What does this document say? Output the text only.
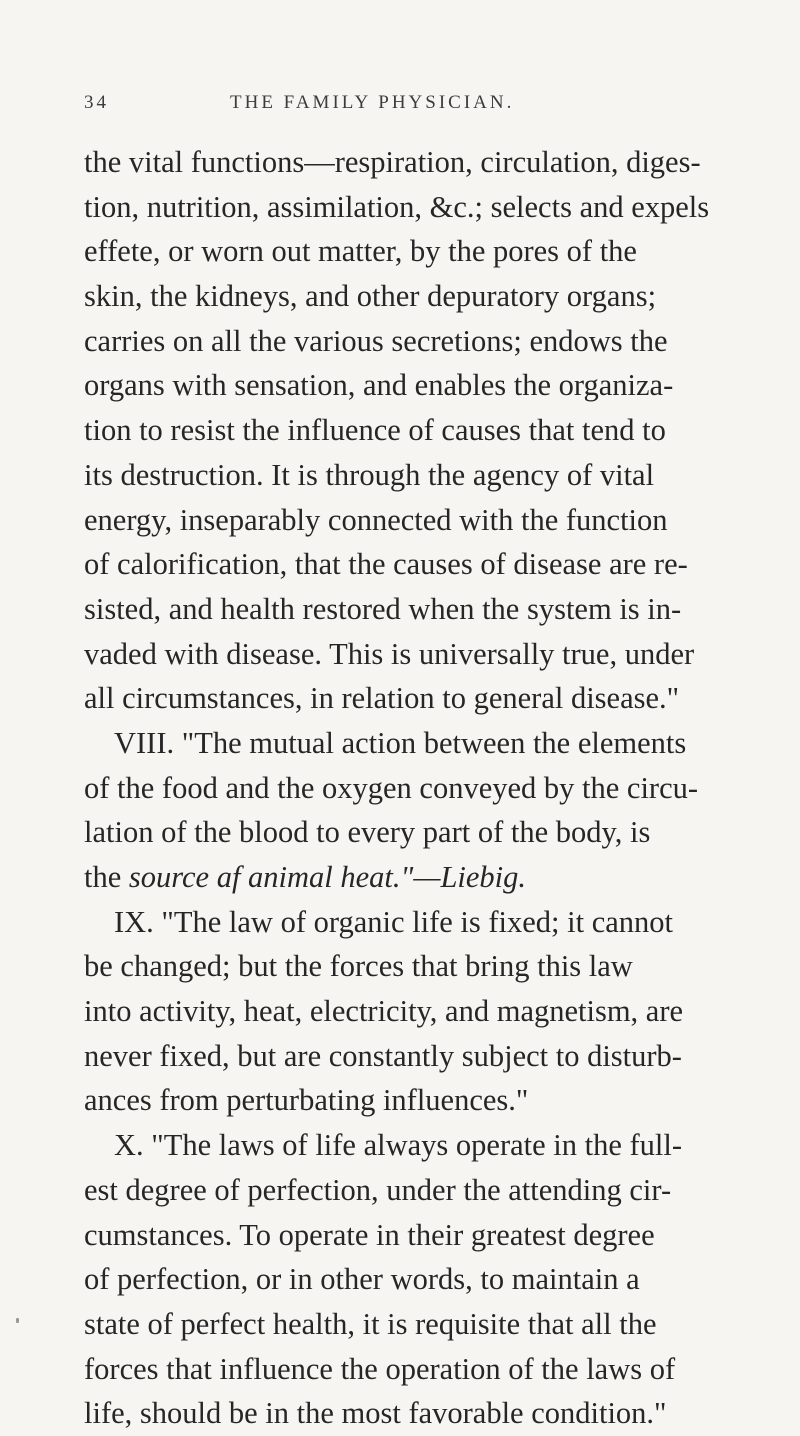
34	THE FAMILY PHYSICIAN.
the vital functions—respiration, circulation, diges-
tion, nutrition, assimilation, &c.; selects and expels
effete, or worn out matter, by the pores of the
skin, the kidneys, and other depuratory organs;
carries on all the various secretions; endows the
organs with sensation, and enables the organiza-
tion to resist the influence of causes that tend to
its destruction. It is through the agency of vital
energy, inseparably connected with the function
of calorification, that the causes of disease are re-
sisted, and health restored when the system is in-
vaded with disease. This is universally true, under
all circumstances, in relation to general disease."
VIII. "The mutual action between the elements
of the food and the oxygen conveyed by the circu-
lation of the blood to every part of the body, is
the source af animal heat."—Liebig.
IX. "The law of organic life is fixed; it cannot
be changed; but the forces that bring this law
into activity, heat, electricity, and magnetism, are
never fixed, but are constantly subject to disturb-
ances from perturbating influences."
X. "The laws of life always operate in the full-
est degree of perfection, under the attending cir-
cumstances. To operate in their greatest degree
of perfection, or in other words, to maintain a
state of perfect health, it is requisite that all the
forces that influence the operation of the laws of
life, should be in the most favorable condition."
